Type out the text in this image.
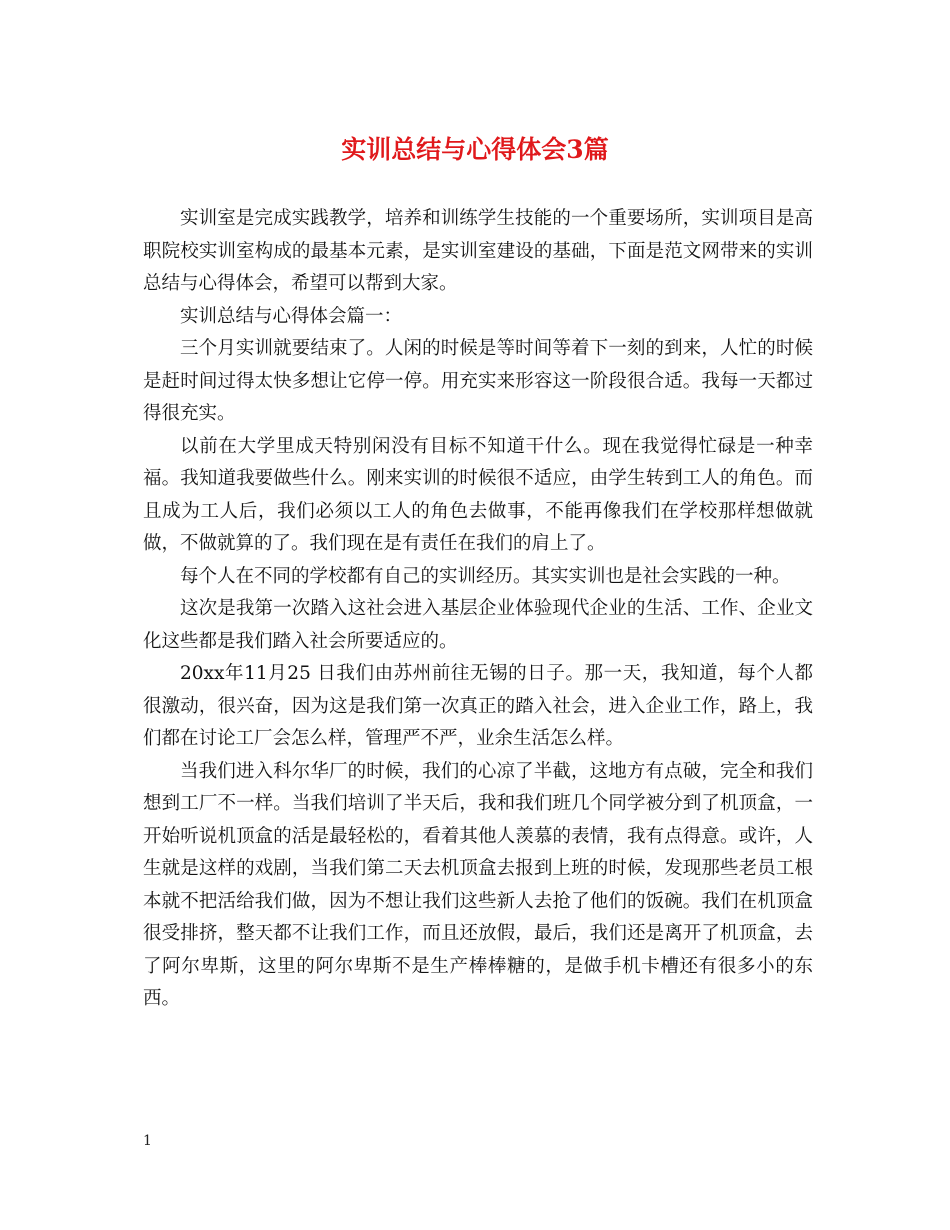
实训总结与心得体会3篇

实训室是完成实践教学，培养和训练学生技能的一个重要场所，实训项目是高职院校实训室构成的最基本元素，是实训室建设的基础，下面是范文网带来的实训总结与心得体会，希望可以帮到大家。

实训总结与心得体会篇一：

三个月实训就要结束了。人闲的时候是等时间等着下一刻的到来，人忙的时候是赶时间过得太快多想让它停一停。用充实来形容这一阶段很合适。我每一天都过得很充实。

以前在大学里成天特别闲没有目标不知道干什么。现在我觉得忙碌是一种幸福。我知道我要做些什么。刚来实训的时候很不适应，由学生转到工人的角色。而且成为工人后，我们必须以工人的角色去做事，不能再像我们在学校那样想做就做，不做就算的了。我们现在是有责任在我们的肩上了。

每个人在不同的学校都有自己的实训经历。其实实训也是社会实践的一种。

这次是我第一次踏入这社会进入基层企业体验现代企业的生活、工作、企业文化这些都是我们踏入社会所要适应的。

20xx年11月25 日我们由苏州前往无锡的日子。那一天，我知道，每个人都很激动，很兴奋，因为这是我们第一次真正的踏入社会，进入企业工作，路上，我们都在讨论工厂会怎么样，管理严不严，业余生活怎么样。

当我们进入科尔华厂的时候，我们的心凉了半截，这地方有点破，完全和我们想到工厂不一样。当我们培训了半天后，我和我们班几个同学被分到了机顶盒，一开始听说机顶盒的活是最轻松的，看着其他人羡慕的表情，我有点得意。或许，人生就是这样的戏剧，当我们第二天去机顶盒去报到上班的时候，发现那些老员工根本就不把活给我们做，因为不想让我们这些新人去抢了他们的饭碗。我们在机顶盒很受排挤，整天都不让我们工作，而且还放假，最后，我们还是离开了机顶盒，去了阿尔卑斯，这里的阿尔卑斯不是生产棒棒糖的，是做手机卡槽还有很多小的东西。

1
